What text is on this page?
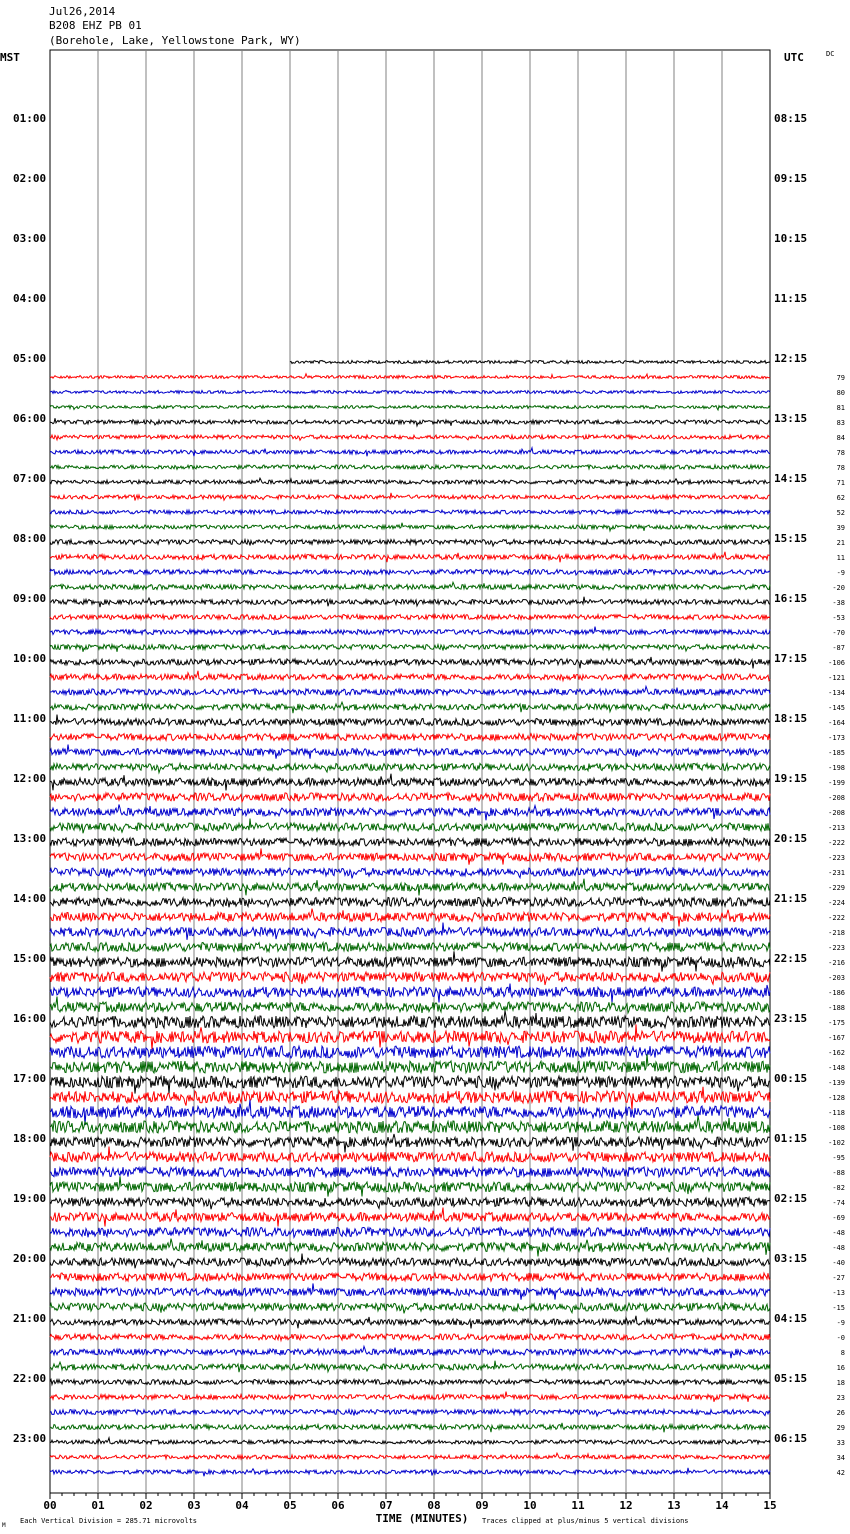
Jul26,2014
B208 EHZ PB 01
(Borehole, Lake, Yellowstone Park, WY)
MST	UTC	DC
TIME (MINUTES)
Each Vertical Division = 285.71 microvolts	Traces clipped at plus/minus 5 vertical divisions
M
00	01	02	03	04	05	06	07	08	09	10	11	12	13	14	15
01:00
02:00
03:00
04:00
05:00
06:00
07:00
08:00
09:00
10:00
11:00
12:00
13:00
14:00
15:00
16:00
17:00
18:00
19:00
20:00
21:00
22:00
23:00
08:15
09:15
10:15
11:15
12:15
13:15
14:15
15:15
16:15
17:15
18:15
19:15
20:15
21:15
22:15
23:15
00:15
01:15
02:15
03:15
04:15
05:15
06:15
79
80
81
83
84
78
78
71
62
52
39
21
11
-9
-20
-38
-53
-70
-87
-106
-121
-134
-145
-164
-173
-185
-198
-199
-208
-208
-213
-222
-223
-231
-229
-224
-222
-218
-223
-216
-203
-186
-188
-175
-167
-162
-148
-139
-128
-118
-108
-102
-95
-88
-82
-74
-69
-48
-48
-40
-27
-13
-15
-9
-0
8
16
18
23
26
29
33
34
42
